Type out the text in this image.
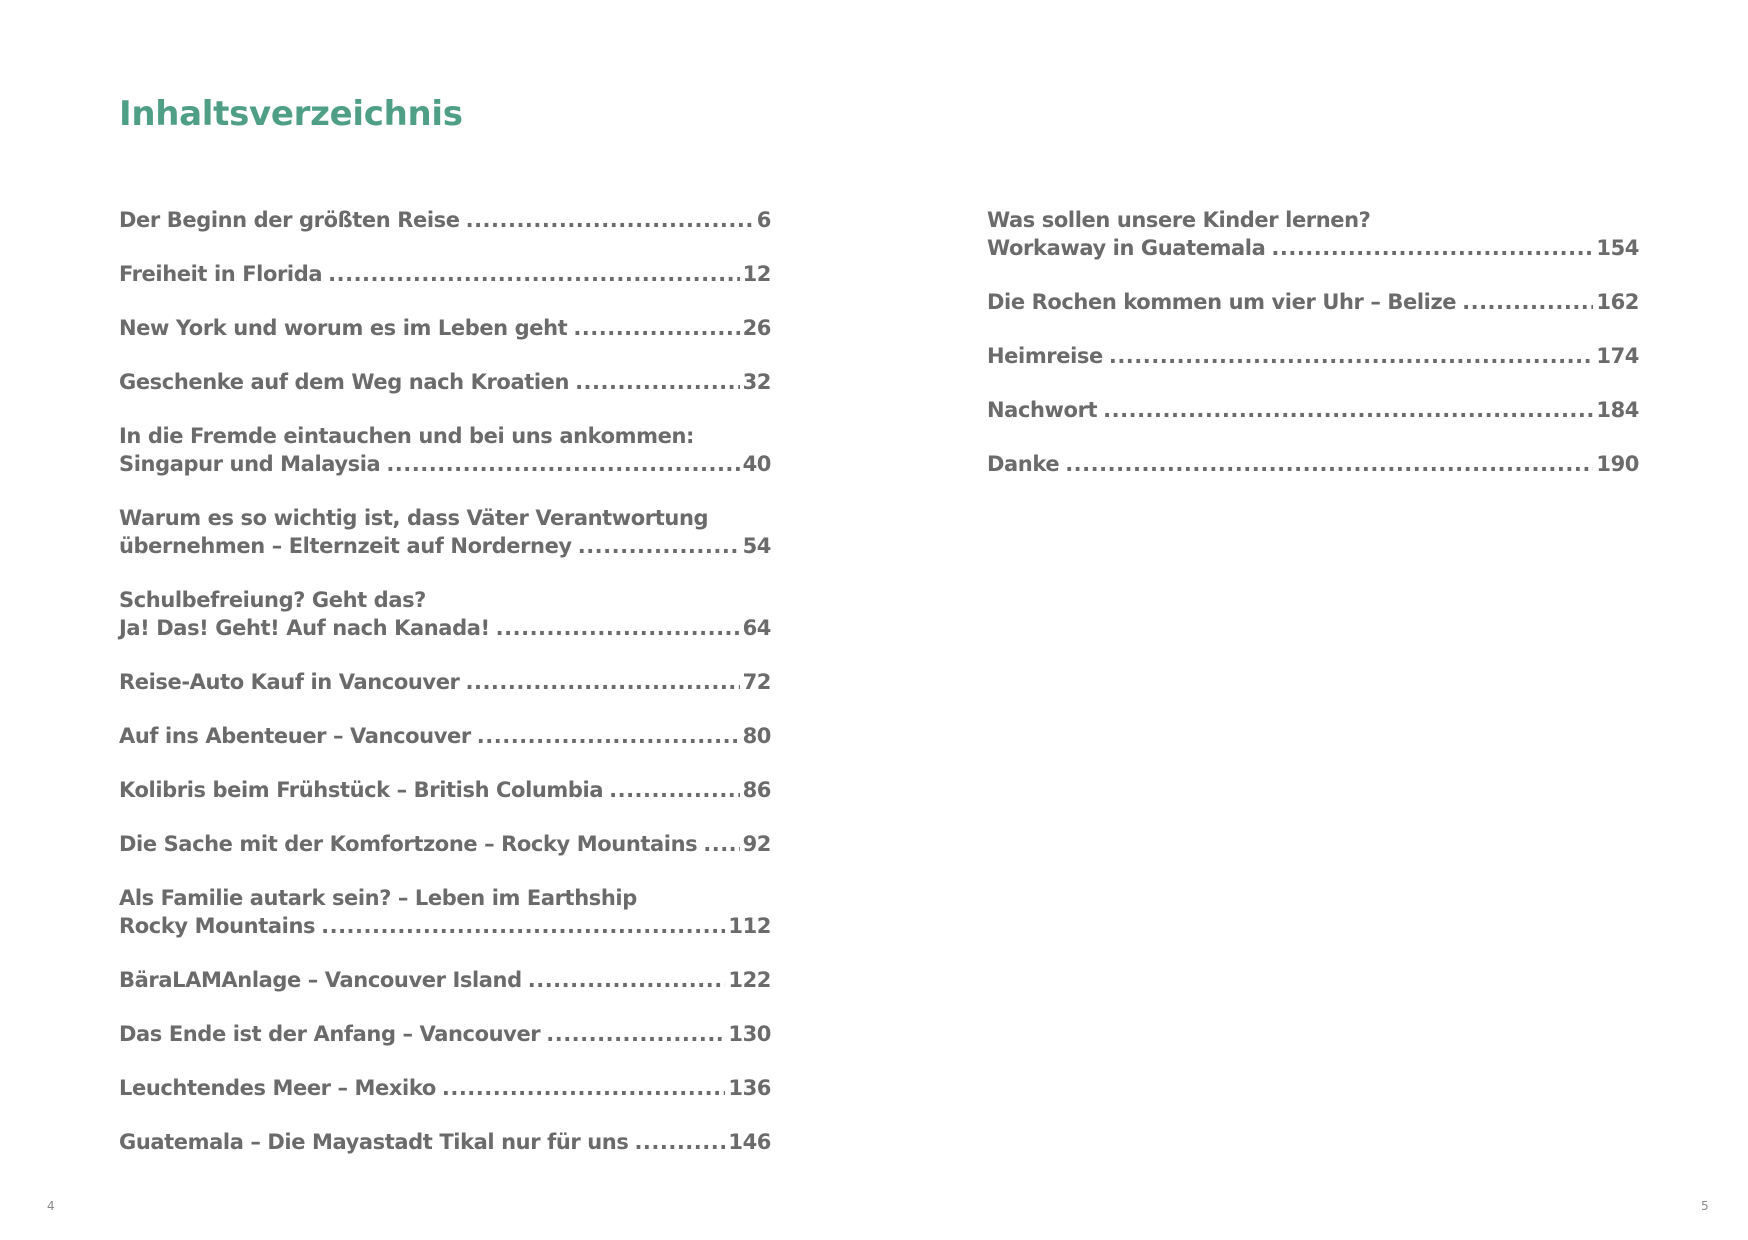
Inhaltsverzeichnis
Der Beginn der größten Reise .....	6
Freiheit in Florida .....	12
New York und worum es im Leben geht .....	26
Geschenke auf dem Weg nach Kroatien .....	32
In die Fremde eintauchen und bei uns ankommen:
Singapur und Malaysia .....	40
Warum es so wichtig ist, dass Väter Verantwortung
übernehmen – Elternzeit auf Norderney .....	54
Schulbefreiung? Geht das?
Ja! Das! Geht! Auf nach Kanada! .....	64
Reise-Auto Kauf in Vancouver .....	72
Auf ins Abenteuer – Vancouver .....	80
Kolibris beim Frühstück – British Columbia .....	86
Die Sache mit der Komfortzone – Rocky Mountains ..... 92
Als Familie autark sein? – Leben im Earthship
Rocky Mountains .....	112
BäraLAMAnlage – Vancouver Island .....	122
Das Ende ist der Anfang – Vancouver .....	130
Leuchtendes Meer – Mexiko .....	136
Guatemala – Die Mayastadt Tikal nur für uns .....	146
Was sollen unsere Kinder lernen?
Workaway in Guatemala .....	154
Die Rochen kommen um vier Uhr – Belize .....	162
Heimreise .....	174
Nachwort .....	184
Danke .....	190
4	5
